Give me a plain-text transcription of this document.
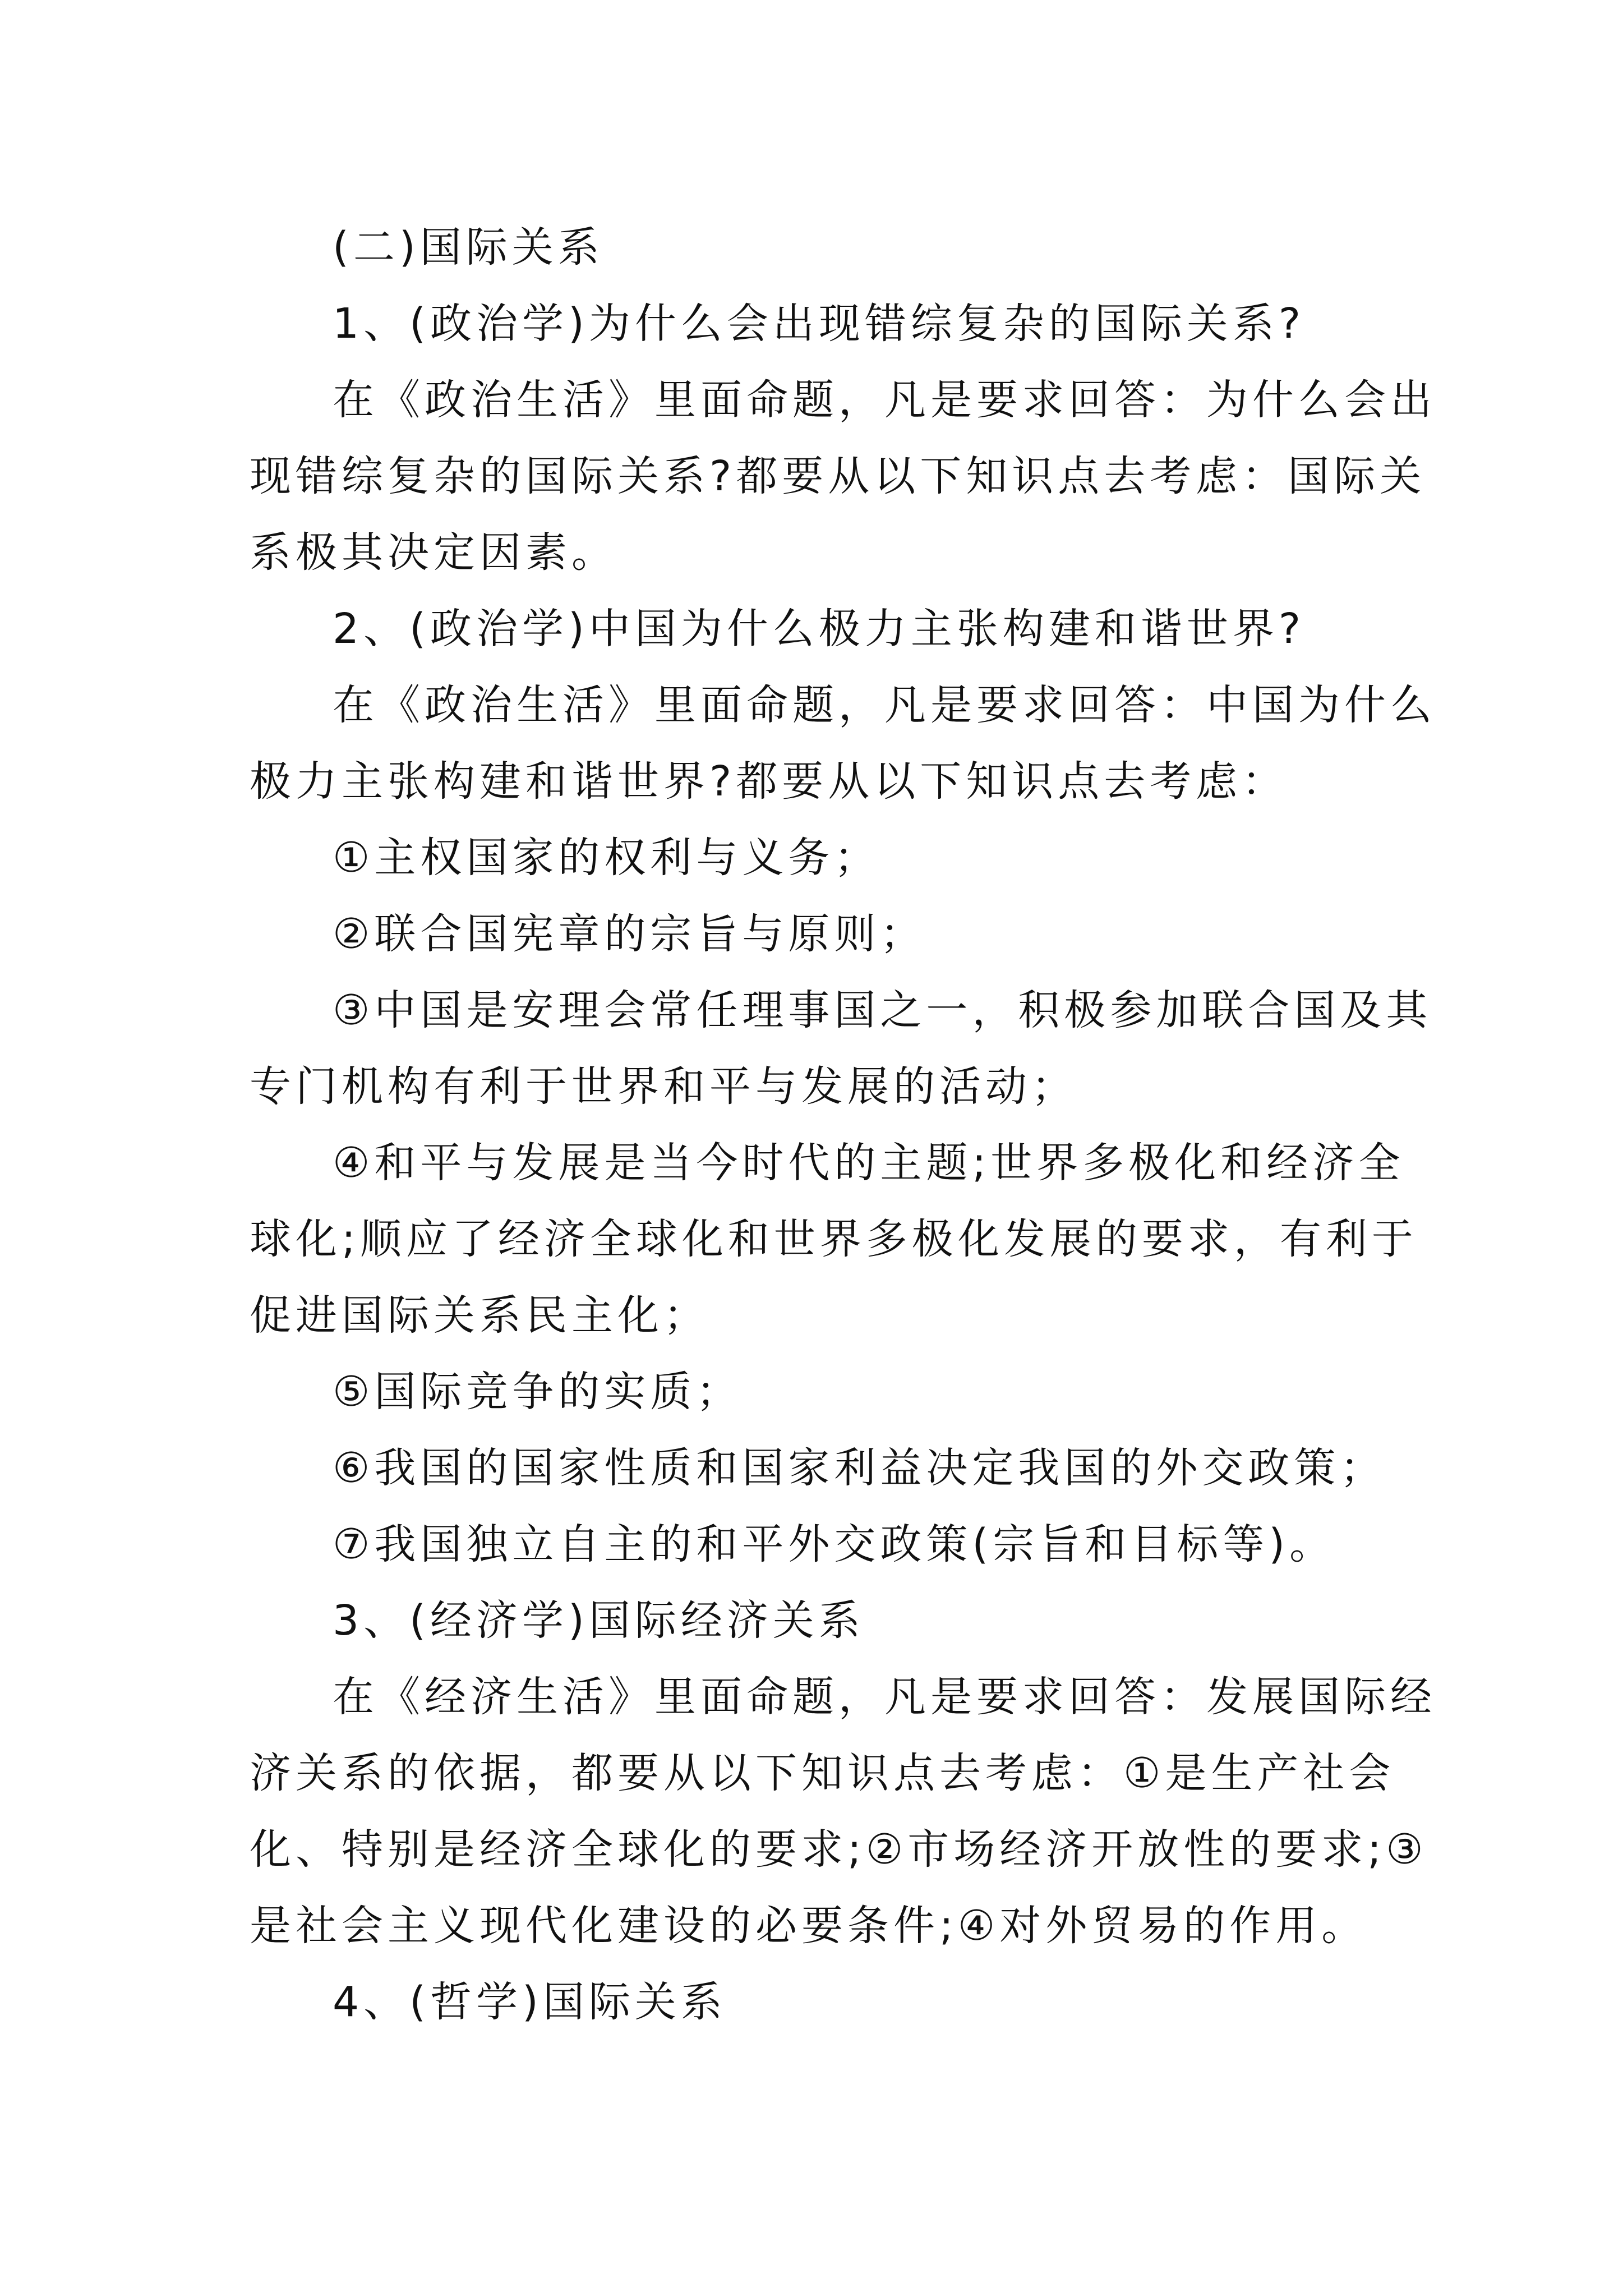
(二)国际关系
1、(政治学)为什么会出现错综复杂的国际关系?
在《政治生活》里面命题，凡是要求回答：为什么会出
现错综复杂的国际关系?都要从以下知识点去考虑：国际关
系极其决定因素。
2、(政治学)中国为什么极力主张构建和谐世界?
在《政治生活》里面命题，凡是要求回答：中国为什么
极力主张构建和谐世界?都要从以下知识点去考虑：
①主权国家的权利与义务；
②联合国宪章的宗旨与原则；
③中国是安理会常任理事国之一，积极参加联合国及其
专门机构有利于世界和平与发展的活动；
④和平与发展是当今时代的主题;世界多极化和经济全
球化;顺应了经济全球化和世界多极化发展的要求，有利于
促进国际关系民主化；
⑤国际竞争的实质；
⑥我国的国家性质和国家利益决定我国的外交政策；
⑦我国独立自主的和平外交政策(宗旨和目标等)。
3、(经济学)国际经济关系
在《经济生活》里面命题，凡是要求回答：发展国际经
济关系的依据，都要从以下知识点去考虑：①是生产社会
化、特别是经济全球化的要求;②市场经济开放性的要求;③
是社会主义现代化建设的必要条件;④对外贸易的作用。
4、(哲学)国际关系
